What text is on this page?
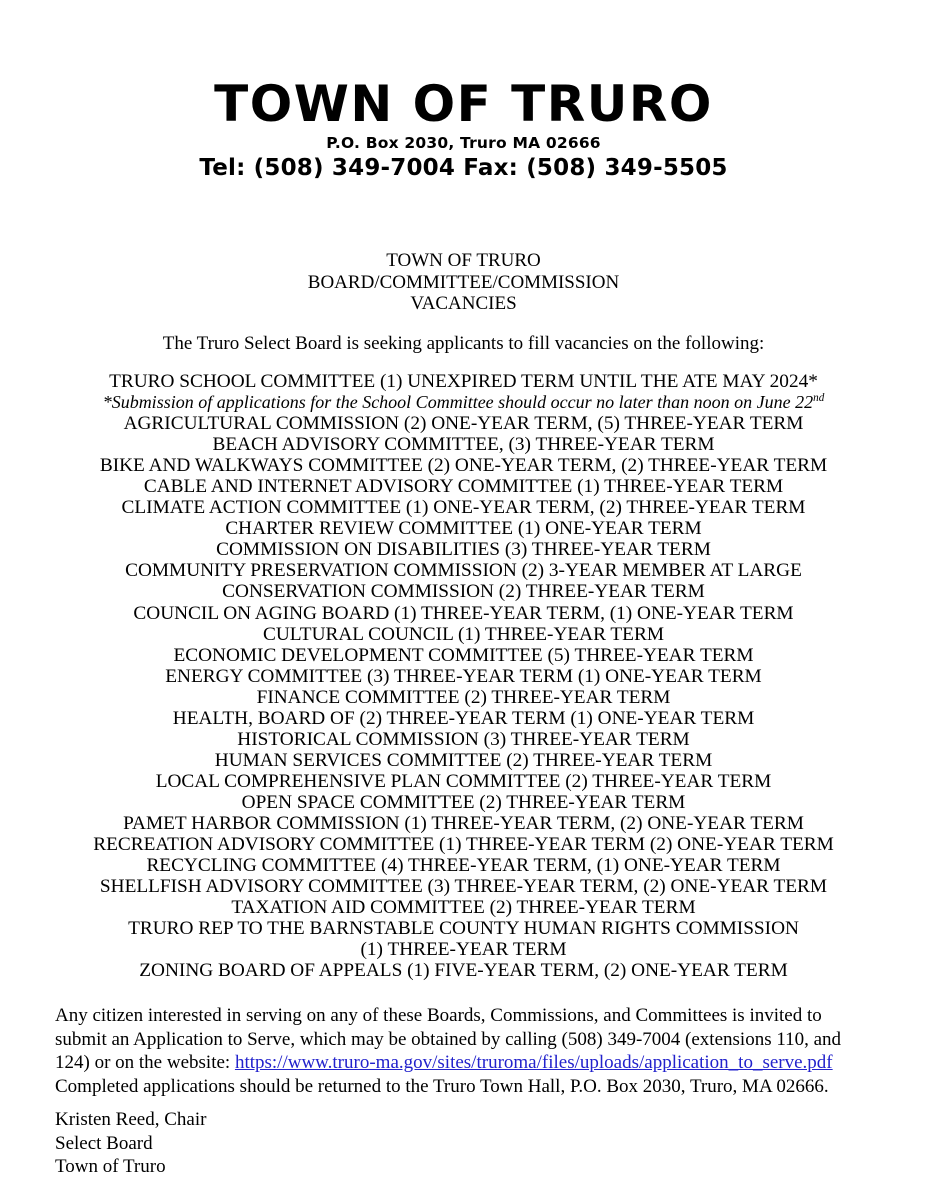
TOWN OF TRURO
P.O. Box 2030, Truro MA 02666
Tel: (508) 349-7004 Fax: (508) 349-5505
TOWN OF TRURO
BOARD/COMMITTEE/COMMISSION
VACANCIES
The Truro Select Board is seeking applicants to fill vacancies on the following:
TRURO SCHOOL COMMITTEE (1) UNEXPIRED TERM UNTIL THE ATE MAY 2024*
*Submission of applications for the School Committee should occur no later than noon on June 22nd
AGRICULTURAL COMMISSION (2) ONE-YEAR TERM, (5) THREE-YEAR TERM
BEACH ADVISORY COMMITTEE, (3) THREE-YEAR TERM
BIKE AND WALKWAYS COMMITTEE (2) ONE-YEAR TERM, (2) THREE-YEAR TERM
CABLE AND INTERNET ADVISORY COMMITTEE (1) THREE-YEAR TERM
CLIMATE ACTION COMMITTEE (1) ONE-YEAR TERM, (2) THREE-YEAR TERM
CHARTER REVIEW COMMITTEE (1) ONE-YEAR TERM
COMMISSION ON DISABILITIES (3) THREE-YEAR TERM
COMMUNITY PRESERVATION COMMISSION (2) 3-YEAR MEMBER AT LARGE
CONSERVATION COMMISSION (2) THREE-YEAR TERM
COUNCIL ON AGING BOARD (1) THREE-YEAR TERM, (1) ONE-YEAR TERM
CULTURAL COUNCIL (1) THREE-YEAR TERM
ECONOMIC DEVELOPMENT COMMITTEE (5) THREE-YEAR TERM
ENERGY COMMITTEE (3) THREE-YEAR TERM (1) ONE-YEAR TERM
FINANCE COMMITTEE (2) THREE-YEAR TERM
HEALTH, BOARD OF (2) THREE-YEAR TERM (1) ONE-YEAR TERM
HISTORICAL COMMISSION (3) THREE-YEAR TERM
HUMAN SERVICES COMMITTEE (2) THREE-YEAR TERM
LOCAL COMPREHENSIVE PLAN COMMITTEE (2) THREE-YEAR TERM
OPEN SPACE COMMITTEE (2) THREE-YEAR TERM
PAMET HARBOR COMMISSION (1) THREE-YEAR TERM, (2) ONE-YEAR TERM
RECREATION ADVISORY COMMITTEE (1) THREE-YEAR TERM (2) ONE-YEAR TERM
RECYCLING COMMITTEE (4) THREE-YEAR TERM, (1) ONE-YEAR TERM
SHELLFISH ADVISORY COMMITTEE (3) THREE-YEAR TERM, (2) ONE-YEAR TERM
TAXATION AID COMMITTEE (2) THREE-YEAR TERM
TRURO REP TO THE BARNSTABLE COUNTY HUMAN RIGHTS COMMISSION
(1) THREE-YEAR TERM
ZONING BOARD OF APPEALS (1) FIVE-YEAR TERM, (2) ONE-YEAR TERM
Any citizen interested in serving on any of these Boards, Commissions, and Committees is invited to submit an Application to Serve, which may be obtained by calling (508) 349-7004 (extensions 110, and 124) or on the website: https://www.truro-ma.gov/sites/truroma/files/uploads/application_to_serve.pdf Completed applications should be returned to the Truro Town Hall, P.O. Box 2030, Truro, MA 02666.
Kristen Reed, Chair
Select Board
Town of Truro
